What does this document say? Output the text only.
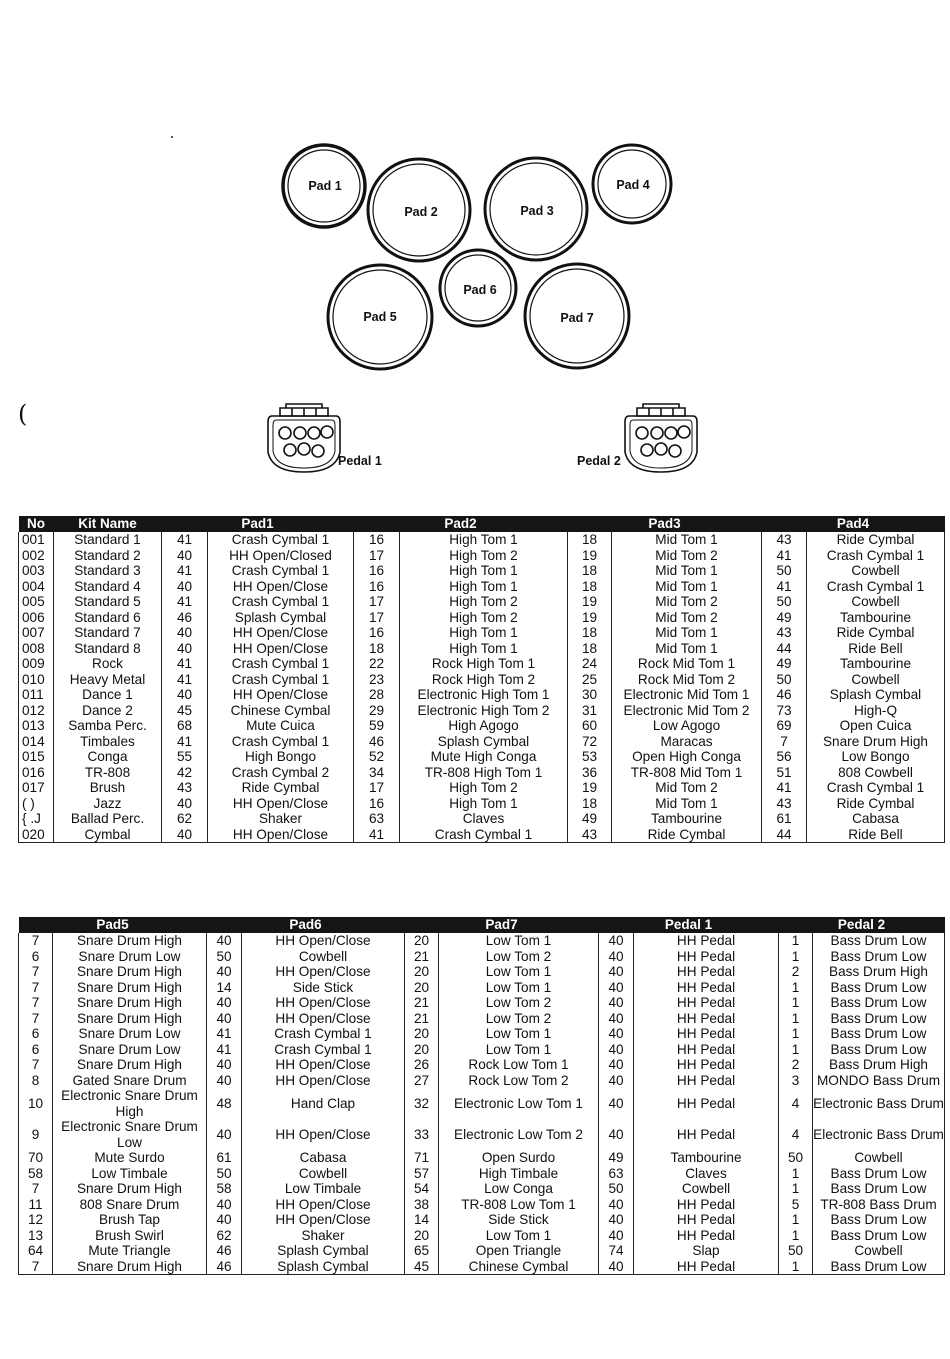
(
Pad 1
Pad 2	Pad 3
Pad 4
Pad 5
Pad 6
Pad 7
Pedal 1	Pedal 2
No	Kit Name	Pad1		Pad2		Pad3		Pad4	
001	Standard 1	41	Crash Cymbal 1	16	High Tom 1	18	Mid Tom 1	43	Ride Cymbal
002	Standard 2	40	HH Open/Closed	17	High Tom 2	19	Mid Tom 2	41	Crash Cymbal 1
003	Standard 3	41	Crash Cymbal 1	16	High Tom 1	18	Mid Tom 1	50	Cowbell
004	Standard 4	40	HH Open/Close	16	High Tom 1	18	Mid Tom 1	41	Crash Cymbal 1
005	Standard 5	41	Crash Cymbal 1	17	High Tom 2	19	Mid Tom 2	50	Cowbell
006	Standard 6	46	Splash Cymbal	17	High Tom 2	19	Mid Tom 2	49	Tambourine
007	Standard 7	40	HH Open/Close	16	High Tom 1	18	Mid Tom 1	43	Ride Cymbal
008	Standard 8	40	HH Open/Close	18	High Tom 1	18	Mid Tom 1	44	Ride Bell
009	Rock	41	Crash Cymbal 1	22	Rock High Tom 1	24	Rock Mid Tom 1	49	Tambourine
010	Heavy Metal	41	Crash Cymbal 1	23	Rock High Tom 2	25	Rock Mid Tom 2	50	Cowbell
011	Dance 1	40	HH Open/Close	28	Electronic High Tom 1	30	Electronic Mid Tom 1	46	Splash Cymbal
012	Dance 2	45	Chinese Cymbal	29	Electronic High Tom 2	31	Electronic Mid Tom 2	73	High-Q
013	Samba Perc.	68	Mute Cuica	59	High Agogo	60	Low Agogo	69	Open Cuica
014	Timbales	41	Crash Cymbal 1	46	Splash Cymbal	72	Maracas	7	Snare Drum High
015	Conga	55	High Bongo	52	Mute High Conga	53	Open High Conga	56	Low Bongo
016	TR-808	42	Crash Cymbal 2	34	TR-808 High Tom 1	36	TR-808 Mid Tom 1	51	808 Cowbell
017	Brush	43	Ride Cymbal	17	High Tom 2	19	Mid Tom 2	41	Crash Cymbal 1
( )	Jazz	40	HH Open/Close	16	High Tom 1	18	Mid Tom 1	43	Ride Cymbal
{ .J	Ballad Perc.	62	Shaker	63	Claves	49	Tambourine	61	Cabasa
020	Cymbal	40	HH Open/Close	41	Crash Cymbal 1	43	Ride Cymbal	44	Ride Bell
Pad5		Pad6		Pad7		Pedal 1		Pedal 2	
7	Snare Drum High	40	HH Open/Close	20	Low Tom 1	40	HH Pedal	1	Bass Drum Low
6	Snare Drum Low	50	Cowbell	21	Low Tom 2	40	HH Pedal	1	Bass Drum Low
7	Snare Drum High	40	HH Open/Close	20	Low Tom 1	40	HH Pedal	2	Bass Drum High
7	Snare Drum High	14	Side Stick	20	Low Tom 1	40	HH Pedal	1	Bass Drum Low
7	Snare Drum High	40	HH Open/Close	21	Low Tom 2	40	HH Pedal	1	Bass Drum Low
7	Snare Drum High	40	HH Open/Close	21	Low Tom 2	40	HH Pedal	1	Bass Drum Low
6	Snare Drum Low	41	Crash Cymbal 1	20	Low Tom 1	40	HH Pedal	1	Bass Drum Low
6	Snare Drum Low	41	Crash Cymbal 1	20	Low Tom 1	40	HH Pedal	1	Bass Drum Low
7	Snare Drum High	40	HH Open/Close	26	Rock Low Tom 1	40	HH Pedal	2	Bass Drum High
8	Gated Snare Drum	40	HH Open/Close	27	Rock Low Tom 2	40	HH Pedal	3	MONDO Bass Drum
10	Electronic Snare Drum High	48	Hand Clap	32	Electronic Low Tom 1	40	HH Pedal	4	Electronic Bass Drum
9	Electronic Snare Drum Low	40	HH Open/Close	33	Electronic Low Tom 2	40	HH Pedal	4	Electronic Bass Drum
70	Mute Surdo	61	Cabasa	71	Open Surdo	49	Tambourine	50	Cowbell
58	Low Timbale	50	Cowbell	57	High Timbale	63	Claves	1	Bass Drum Low
7	Snare Drum High	58	Low Timbale	54	Low Conga	50	Cowbell	1	Bass Drum Low
11	808 Snare Drum	40	HH Open/Close	38	TR-808 Low Tom 1	40	HH Pedal	5	TR-808 Bass Drum
12	Brush Tap	40	HH Open/Close	14	Side Stick	40	HH Pedal	1	Bass Drum Low
13	Brush Swirl	62	Shaker	20	Low Tom 1	40	HH Pedal	1	Bass Drum Low
64	Mute Triangle	46	Splash Cymbal	65	Open Triangle	74	Slap	50	Cowbell
7	Snare Drum High	46	Splash Cymbal	45	Chinese Cymbal	40	HH Pedal	1	Bass Drum Low
